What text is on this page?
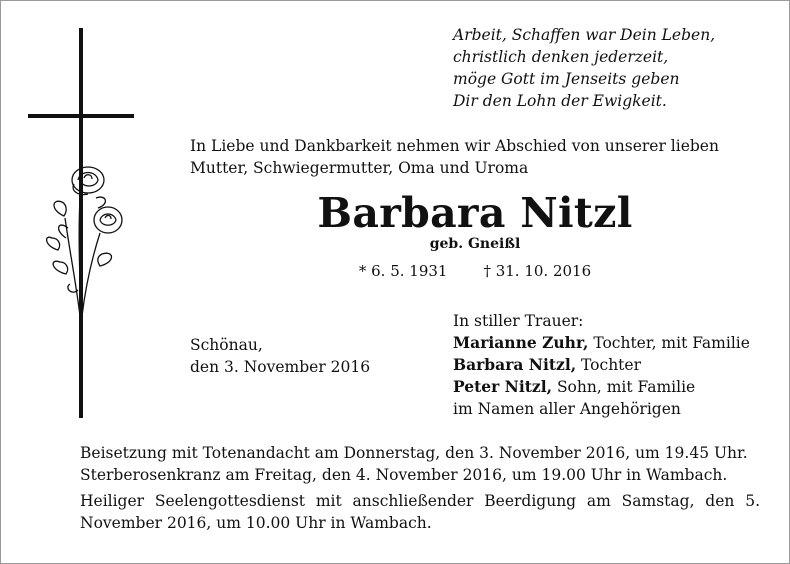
Arbeit, Schaffen war Dein Leben,
christlich denken jederzeit,
möge Gott im Jenseits geben
Dir den Lohn der Ewigkeit.
In Liebe und Dankbarkeit nehmen wir Abschied von unserer lieben
Mutter, Schwiegermutter, Oma und Uroma
Barbara Nitzl
geb. Gneißl
* 6. 5. 1931 † 31. 10. 2016
Schönau,
den 3. November 2016
In stiller Trauer:
Marianne Zuhr, Tochter, mit Familie
Barbara Nitzl, Tochter
Peter Nitzl, Sohn, mit Familie
im Namen aller Angehörigen

Beisetzung mit Totenandacht am Donnerstag, den 3. November 2016, um 19.45 Uhr.

Sterberosenkranz am Freitag, den 4. November 2016, um 19.00 Uhr in Wambach.

Heiliger Seelengottesdienst mit anschließender Beerdigung am Samstag, den 5. November 2016, um 10.00 Uhr in Wambach.
